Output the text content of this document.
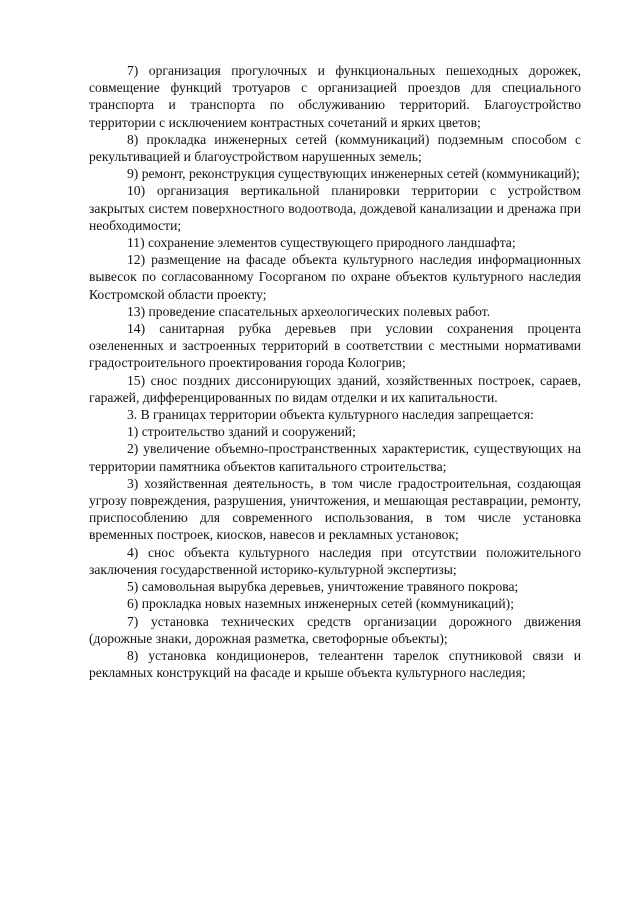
7) организация прогулочных и функциональных пешеходных дорожек, совмещение функций тротуаров с организацией проездов для специального транспорта и транспорта по обслуживанию территорий. Благоустройство территории с исключением контрастных сочетаний и ярких цветов;

8) прокладка инженерных сетей (коммуникаций) подземным способом с рекультивацией и благоустройством нарушенных земель;

9) ремонт, реконструкция существующих инженерных сетей (коммуникаций);

10) организация вертикальной планировки территории с устройством закрытых систем поверхностного водоотвода, дождевой канализации и дренажа при необходимости;

11) сохранение элементов существующего природного ландшафта;

12) размещение на фасаде объекта культурного наследия информационных вывесок по согласованному Госорганом по охране объектов культурного наследия Костромской области проекту;

13) проведение спасательных археологических полевых работ.

14) санитарная рубка деревьев при условии сохранения процента озелененных и застроенных территорий в соответствии с местными нормативами градостроительного проектирования города Кологрив;

15) снос поздних диссонирующих зданий, хозяйственных построек, сараев, гаражей, дифференцированных по видам отделки и их капитальности.

3. В границах территории объекта культурного наследия запрещается:

1) строительство зданий и сооружений;

2) увеличение объемно-пространственных характеристик, существующих на территории памятника объектов капитального строительства;

3) хозяйственная деятельность, в том числе градостроительная, создающая угрозу повреждения, разрушения, уничтожения, и мешающая реставрации, ремонту, приспособлению для современного использования, в том числе установка временных построек, киосков, навесов и рекламных установок;

4) снос объекта культурного наследия при отсутствии положительного заключения государственной историко-культурной экспертизы;

5) самовольная вырубка деревьев, уничтожение травяного покрова;

6) прокладка новых наземных инженерных сетей (коммуникаций);

7) установка технических средств организации дорожного движения (дорожные знаки, дорожная разметка, светофорные объекты);

8) установка кондиционеров, телеантенн тарелок спутниковой связи и рекламных конструкций на фасаде и крыше объекта культурного наследия;
